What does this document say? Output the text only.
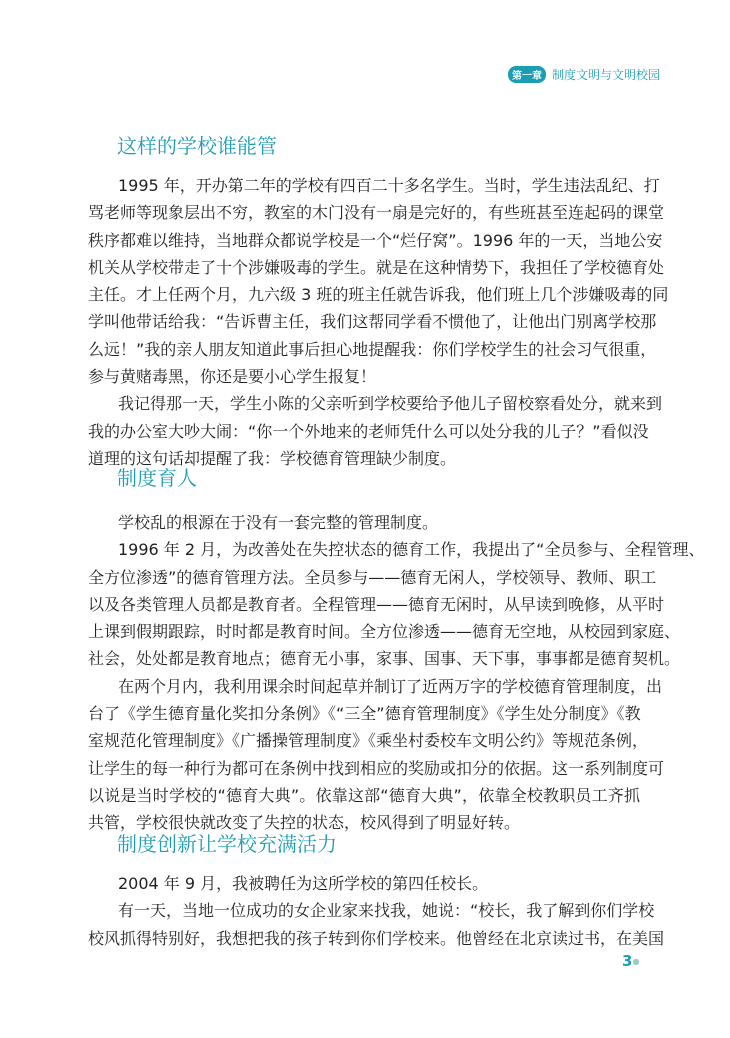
第一章 制度文明与文明校园
这样的学校谁能管
1995 年，开办第二年的学校有四百二十多名学生。当时，学生违法乱纪、打
骂老师等现象层出不穷，教室的木门没有一扇是完好的，有些班甚至连起码的课堂
秩序都难以维持，当地群众都说学校是一个“烂仔窝”。1996 年的一天，当地公安
机关从学校带走了十个涉嫌吸毒的学生。就是在这种情势下，我担任了学校德育处
主任。才上任两个月，九六级 3 班的班主任就告诉我，他们班上几个涉嫌吸毒的同
学叫他带话给我：“告诉曹主任，我们这帮同学看不惯他了，让他出门别离学校那
么远！”我的亲人朋友知道此事后担心地提醒我：你们学校学生的社会习气很重，
参与黄赌毒黑，你还是要小心学生报复！
我记得那一天，学生小陈的父亲听到学校要给予他儿子留校察看处分，就来到
我的办公室大吵大闹：“你一个外地来的老师凭什么可以处分我的儿子？”看似没
道理的这句话却提醒了我：学校德育管理缺少制度。
制度育人
学校乱的根源在于没有一套完整的管理制度。
1996 年 2 月，为改善处在失控状态的德育工作，我提出了“全员参与、全程管理、
全方位渗透”的德育管理方法。全员参与——德育无闲人，学校领导、教师、职工
以及各类管理人员都是教育者。全程管理——德育无闲时，从早读到晚修，从平时
上课到假期跟踪，时时都是教育时间。全方位渗透——德育无空地，从校园到家庭、
社会，处处都是教育地点；德育无小事，家事、国事、天下事，事事都是德育契机。
在两个月内，我利用课余时间起草并制订了近两万字的学校德育管理制度，出
台了《学生德育量化奖扣分条例》《“三全”德育管理制度》《学生处分制度》《教
室规范化管理制度》《广播操管理制度》《乘坐村委校车文明公约》等规范条例，
让学生的每一种行为都可在条例中找到相应的奖励或扣分的依据。这一系列制度可
以说是当时学校的“德育大典”。依靠这部“德育大典”，依靠全校教职员工齐抓
共管，学校很快就改变了失控的状态，校风得到了明显好转。
制度创新让学校充满活力
2004 年 9 月，我被聘任为这所学校的第四任校长。
有一天，当地一位成功的女企业家来找我，她说：“校长，我了解到你们学校
校风抓得特别好，我想把我的孩子转到你们学校来。他曾经在北京读过书，在美国
3●
